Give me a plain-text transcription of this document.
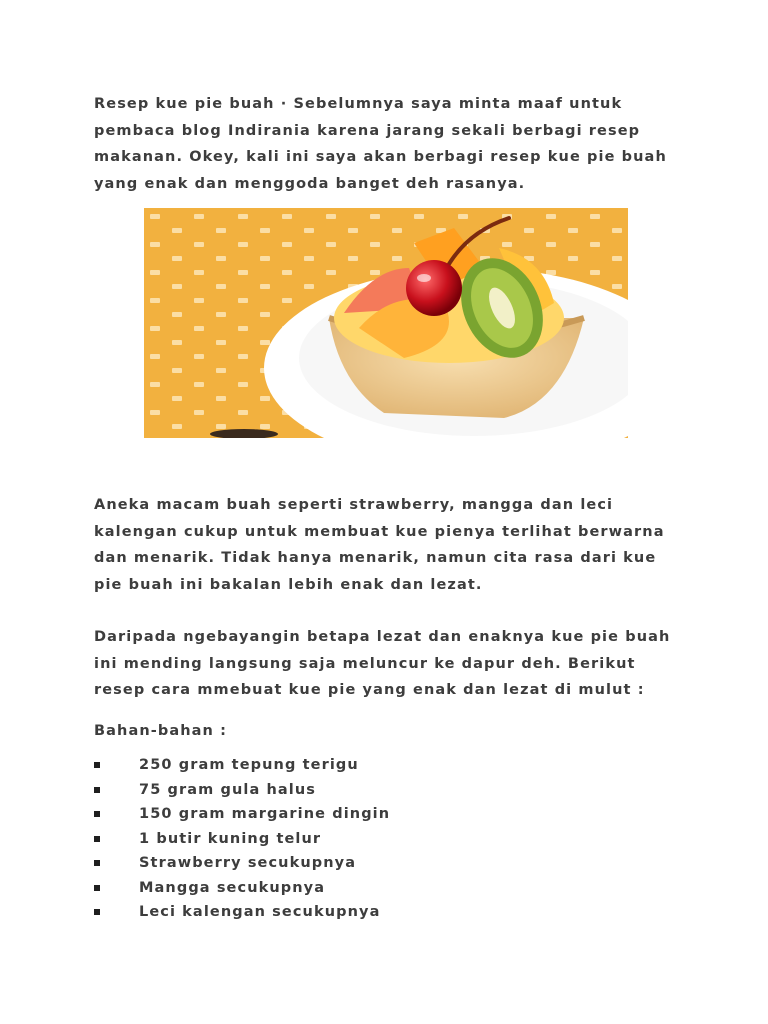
Resep kue pie buah · Sebelumnya saya minta maaf untuk
pembaca blog Indirania karena jarang sekali berbagi resep
makanan. Okey, kali ini saya akan berbagi resep kue pie buah
yang enak dan menggoda banget deh rasanya.

Aneka macam buah seperti strawberry, mangga dan leci
kalengan cukup untuk membuat kue pienya terlihat berwarna
dan menarik. Tidak hanya menarik, namun cita rasa dari kue
pie buah ini bakalan lebih enak dan lezat.

Daripada ngebayangin betapa lezat dan enaknya kue pie buah
ini mending langsung saja meluncur ke dapur deh. Berikut
resep cara mmebuat kue pie yang enak dan lezat di mulut :

Bahan-bahan :

250 gram tepung terigu
75 gram gula halus
150 gram margarine dingin
1 butir kuning telur
Strawberry secukupnya
Mangga secukupnya
Leci kalengan secukupnya
